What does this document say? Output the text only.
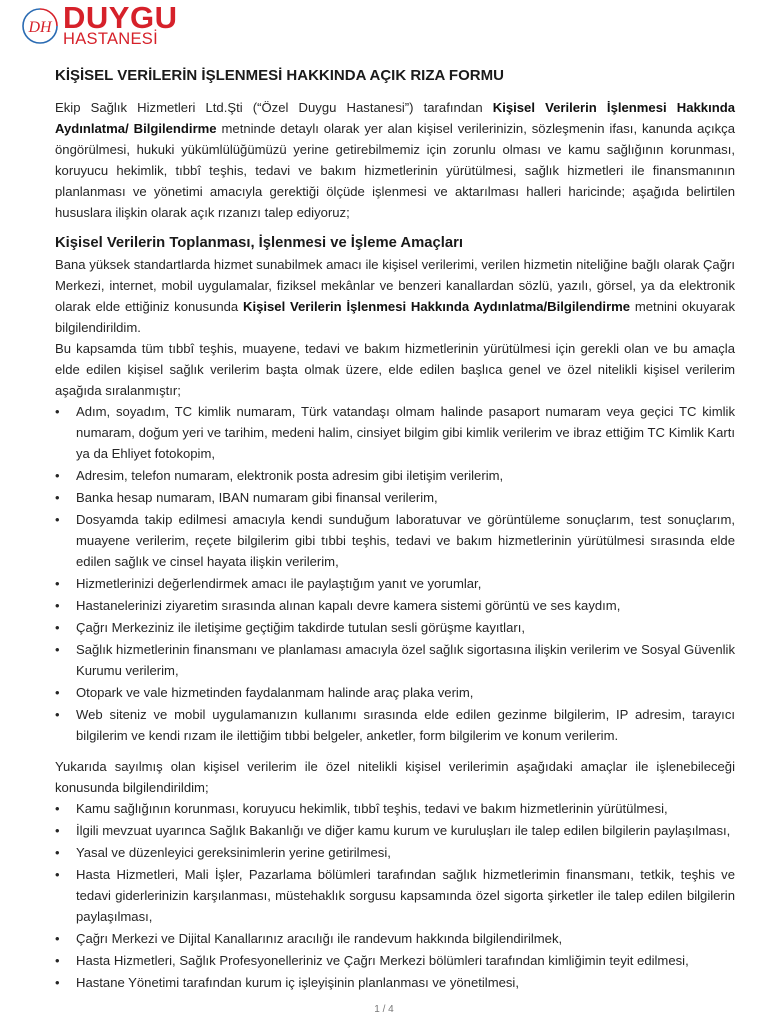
DH DUYGU
HASTANESİ
KİŞİSEL VERİLERİN İŞLENMESİ HAKKINDA AÇIK RIZA FORMU

Ekip Sağlık Hizmetleri Ltd.Şti (“Özel Duygu Hastanesi”) tarafından Kişisel Verilerin İşlenmesi Hakkında Aydınlatma/ Bilgilendirme metninde detaylı olarak yer alan kişisel verilerinizin, sözleşmenin ifası, kanunda açıkça öngörülmesi, hukuki yükümlülüğümüzü yerine getirebilmemiz için zorunlu olması ve kamu sağlığının korunması, koruyucu hekimlik, tıbbî teşhis, tedavi ve bakım hizmetlerinin yürütülmesi, sağlık hizmetleri ile finansmanının planlanması ve yönetimi amacıyla gerektiği ölçüde işlenmesi ve aktarılması halleri haricinde; aşağıda belirtilen hususlara ilişkin olarak açık rızanızı talep ediyoruz;

Kişisel Verilerin Toplanması, İşlenmesi ve İşleme Amaçları

Bana yüksek standartlarda hizmet sunabilmek amacı ile kişisel verilerimi, verilen hizmetin niteliğine bağlı olarak Çağrı Merkezi, internet, mobil uygulamalar, fiziksel mekânlar ve benzeri kanallardan sözlü, yazılı, görsel, ya da elektronik olarak elde ettiğiniz konusunda Kişisel Verilerin İşlenmesi Hakkında Aydınlatma/Bilgilendirme metnini okuyarak bilgilendirildim.

Bu kapsamda tüm tıbbî teşhis, muayene, tedavi ve bakım hizmetlerinin yürütülmesi için gerekli olan ve bu amaçla elde edilen kişisel sağlık verilerim başta olmak üzere, elde edilen başlıca genel ve özel nitelikli kişisel verilerim aşağıda sıralanmıştır;

• Adım, soyadım, TC kimlik numaram, Türk vatandaşı olmam halinde pasaport numaram veya geçici TC kimlik numaram, doğum yeri ve tarihim, medeni halim, cinsiyet bilgim gibi kimlik verilerim ve ibraz ettiğim TC Kimlik Kartı ya da Ehliyet fotokopim,
• Adresim, telefon numaram, elektronik posta adresim gibi iletişim verilerim,
• Banka hesap numaram, IBAN numaram gibi finansal verilerim,
• Dosyamda takip edilmesi amacıyla kendi sunduğum laboratuvar ve görüntüleme sonuçlarım, test sonuçlarım, muayene verilerim, reçete bilgilerim gibi tıbbi teşhis, tedavi ve bakım hizmetlerinin yürütülmesi sırasında elde edilen sağlık ve cinsel hayata ilişkin verilerim,
• Hizmetlerinizi değerlendirmek amacı ile paylaştığım yanıt ve yorumlar,
• Hastanelerinizi ziyaretim sırasında alınan kapalı devre kamera sistemi görüntü ve ses kaydım,
• Çağrı Merkeziniz ile iletişime geçtiğim takdirde tutulan sesli görüşme kayıtları,
• Sağlık hizmetlerinin finansmanı ve planlaması amacıyla özel sağlık sigortasına ilişkin verilerim ve Sosyal Güvenlik Kurumu verilerim,
• Otopark ve vale hizmetinden faydalanmam halinde araç plaka verim,
• Web siteniz ve mobil uygulamanızın kullanımı sırasında elde edilen gezinme bilgilerim, IP adresim, tarayıcı bilgilerim ve kendi rızam ile ilettiğim tıbbi belgeler, anketler, form bilgilerim ve konum verilerim.

Yukarıda sayılmış olan kişisel verilerim ile özel nitelikli kişisel verilerimin aşağıdaki amaçlar ile işlenebileceği konusunda bilgilendirildim;

• Kamu sağlığının korunması, koruyucu hekimlik, tıbbî teşhis, tedavi ve bakım hizmetlerinin yürütülmesi,
• İlgili mevzuat uyarınca Sağlık Bakanlığı ve diğer kamu kurum ve kuruluşları ile talep edilen bilgilerin paylaşılması,
• Yasal ve düzenleyici gereksinimlerin yerine getirilmesi,
• Hasta Hizmetleri, Mali İşler, Pazarlama bölümleri tarafından sağlık hizmetlerimin finansmanı, tetkik, teşhis ve tedavi giderlerinizin karşılanması, müstehaklık sorgusu kapsamında özel sigorta şirketler ile talep edilen bilgilerin paylaşılması,
• Çağrı Merkezi ve Dijital Kanallarınız aracılığı ile randevum hakkında bilgilendirilmek,
• Hasta Hizmetleri, Sağlık Profesyonelleriniz ve Çağrı Merkezi bölümleri tarafından kimliğimin teyit edilmesi,
• Hastane Yönetimi tarafından kurum iç işleyişinin planlanması ve yönetilmesi,
1 / 4
